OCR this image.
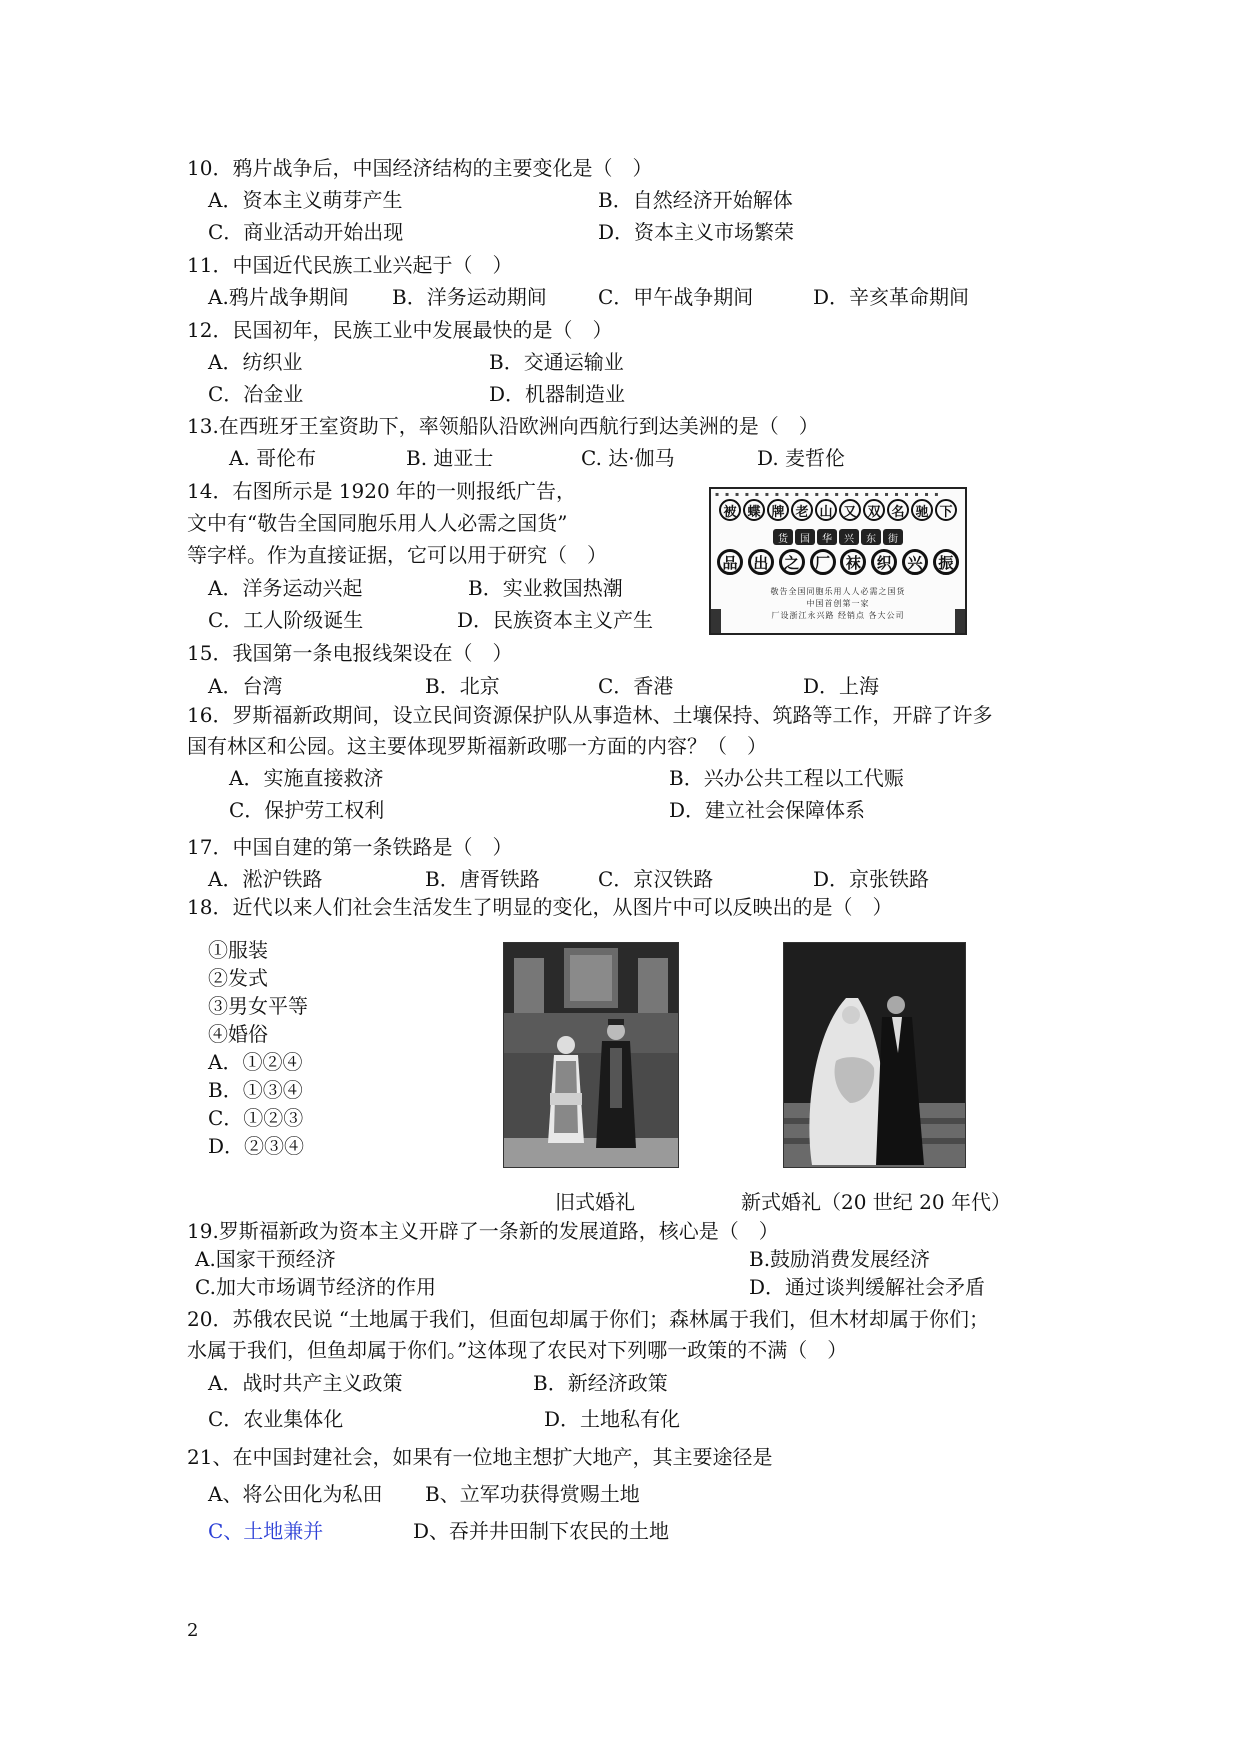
10．鸦片战争后，中国经济结构的主要变化是（　）
A．资本主义萌芽产生	B．自然经济开始解体
C．商业活动开始出现	D．资本主义市场繁荣
11．中国近代民族工业兴起于（　）
A.鸦片战争期间 B．洋务运动期间	C．甲午战争期间	D．辛亥革命期间
12．民国初年，民族工业中发展最快的是（　）
A．纺织业	B．交通运输业
C．冶金业	D．机器制造业
13.在西班牙王室资助下，率领船队沿欧洲向西航行到达美洲的是（　）
A. 哥伦布	B. 迪亚士	C. 达·伽马	D. 麦哲伦
14．右图所示是 1920 年的一则报纸广告，
文中有“敬告全国同胞乐用人人必需之国货”
等字样。作为直接证据，它可以用于研究（　）
A．洋务运动兴起	B．实业救国热潮
C．工人阶级诞生	D．民族资本主义产生
▪ ▪ ▪ ▪ ▪ ▪ ▪ ▪ ▪ ▪ ▪ ▪ ▪ ▪ ▪ ▪ ▪ ▪ ▪ ▪ ▪ ▪ ▪
被 蝶 牌 老 山 又 双 名 驰 下
货	国	华	兴	东	街
品	出	之	厂	袜	织	兴	振
敬告全国同胞乐用人人必需之国货
中国首创第一家
厂设浙江永兴路 经销点 各大公司
15．我国第一条电报线架设在（　）
A．台湾	B．北京	C．香港	D．上海
16．罗斯福新政期间，设立民间资源保护队从事造林、土壤保持、筑路等工作，开辟了许多
国有林区和公园。这主要体现罗斯福新政哪一方面的内容？（　）
A．实施直接救济	B．兴办公共工程以工代赈
C．保护劳工权利	D．建立社会保障体系
17．中国自建的第一条铁路是（　）
A．淞沪铁路	B．唐胥铁路	C．京汉铁路	D．京张铁路
18．近代以来人们社会生活发生了明显的变化，从图片中可以反映出的是（　）
①服装
②发式
③男女平等
④婚俗
A．①②④
B．①③④
C．①②③
D．②③④
旧式婚礼	新式婚礼（20 世纪 20 年代）
19.罗斯福新政为资本主义开辟了一条新的发展道路，核心是（　）
A.国家干预经济	B.鼓励消费发展经济
C.加大市场调节经济的作用	D．通过谈判缓解社会矛盾
20．苏俄农民说 “土地属于我们，但面包却属于你们；森林属于我们，但木材却属于你们；
水属于我们，但鱼却属于你们。”这体现了农民对下列哪一政策的不满（　）
A．战时共产主义政策	B．新经济政策
C．农业集体化	D．土地私有化
21、在中国封建社会，如果有一位地主想扩大地产，其主要途径是
A、将公田化为私田 B、立军功获得赏赐土地
C、土地兼并	D、吞并井田制下农民的土地
2
